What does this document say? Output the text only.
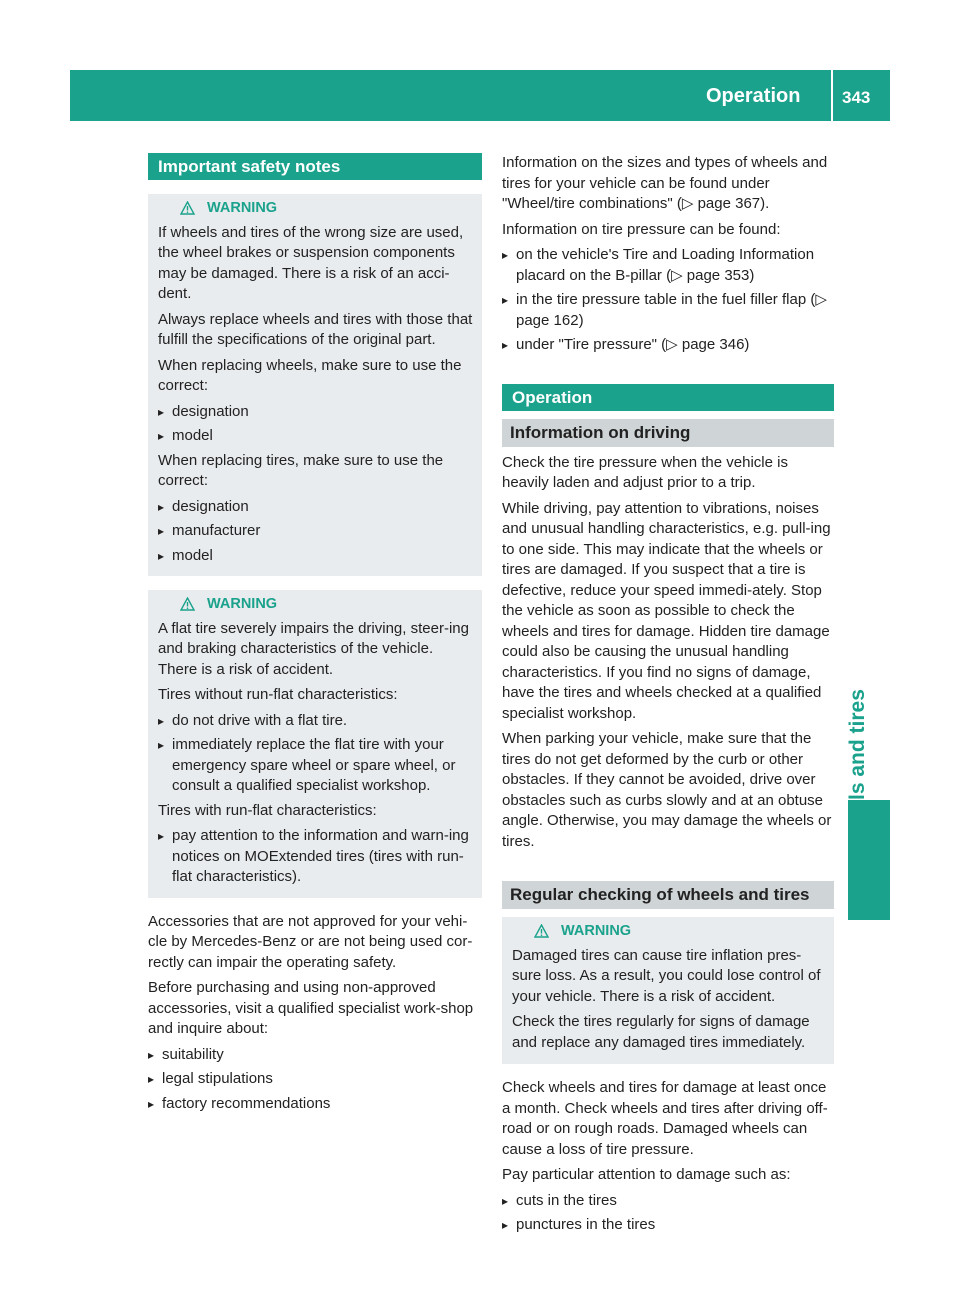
Operation 343
Wheels and tires
Important safety notes
WARNING

If wheels and tires of the wrong size are used, the wheel brakes or suspension components may be damaged. There is a risk of an acci-dent.

Always replace wheels and tires with those that fulfill the specifications of the original part.

When replacing wheels, make sure to use the correct:

▸ designation
▸ model

When replacing tires, make sure to use the correct:

▸ designation
▸ manufacturer
▸ model
WARNING

A flat tire severely impairs the driving, steer-ing and braking characteristics of the vehicle. There is a risk of accident.

Tires without run-flat characteristics:

▸ do not drive with a flat tire.
▸ immediately replace the flat tire with your emergency spare wheel or spare wheel, or consult a qualified specialist workshop.

Tires with run-flat characteristics:

▸ pay attention to the information and warn-ing notices on MOExtended tires (tires with run-flat characteristics).

Accessories that are not approved for your vehi-cle by Mercedes-Benz or are not being used cor-rectly can impair the operating safety.

Before purchasing and using non-approved accessories, visit a qualified specialist work-shop and inquire about:

▸ suitability
▸ legal stipulations
▸ factory recommendations

Information on the sizes and types of wheels and tires for your vehicle can be found under "Wheel/tire combinations" (▷ page 367).

Information on tire pressure can be found:

▸ on the vehicle's Tire and Loading Information placard on the B-pillar (▷ page 353)
▸ in the tire pressure table in the fuel filler flap (▷ page 162)
▸ under "Tire pressure" (▷ page 346)
Operation
Information on driving

Check the tire pressure when the vehicle is heavily laden and adjust prior to a trip.

While driving, pay attention to vibrations, noises and unusual handling characteristics, e.g. pull-ing to one side. This may indicate that the wheels or tires are damaged. If you suspect that a tire is defective, reduce your speed immedi-ately. Stop the vehicle as soon as possible to check the wheels and tires for damage. Hidden tire damage could also be causing the unusual handling characteristics. If you find no signs of damage, have the tires and wheels checked at a qualified specialist workshop.

When parking your vehicle, make sure that the tires do not get deformed by the curb or other obstacles. If they cannot be avoided, drive over obstacles such as curbs slowly and at an obtuse angle. Otherwise, you may damage the wheels or tires.

Regular checking of wheels and tires
WARNING

Damaged tires can cause tire inflation pres-sure loss. As a result, you could lose control of your vehicle. There is a risk of accident.

Check the tires regularly for signs of damage and replace any damaged tires immediately.

Check wheels and tires for damage at least once a month. Check wheels and tires after driving off-road or on rough roads. Damaged wheels can cause a loss of tire pressure.

Pay particular attention to damage such as:

▸ cuts in the tires
▸ punctures in the tires
